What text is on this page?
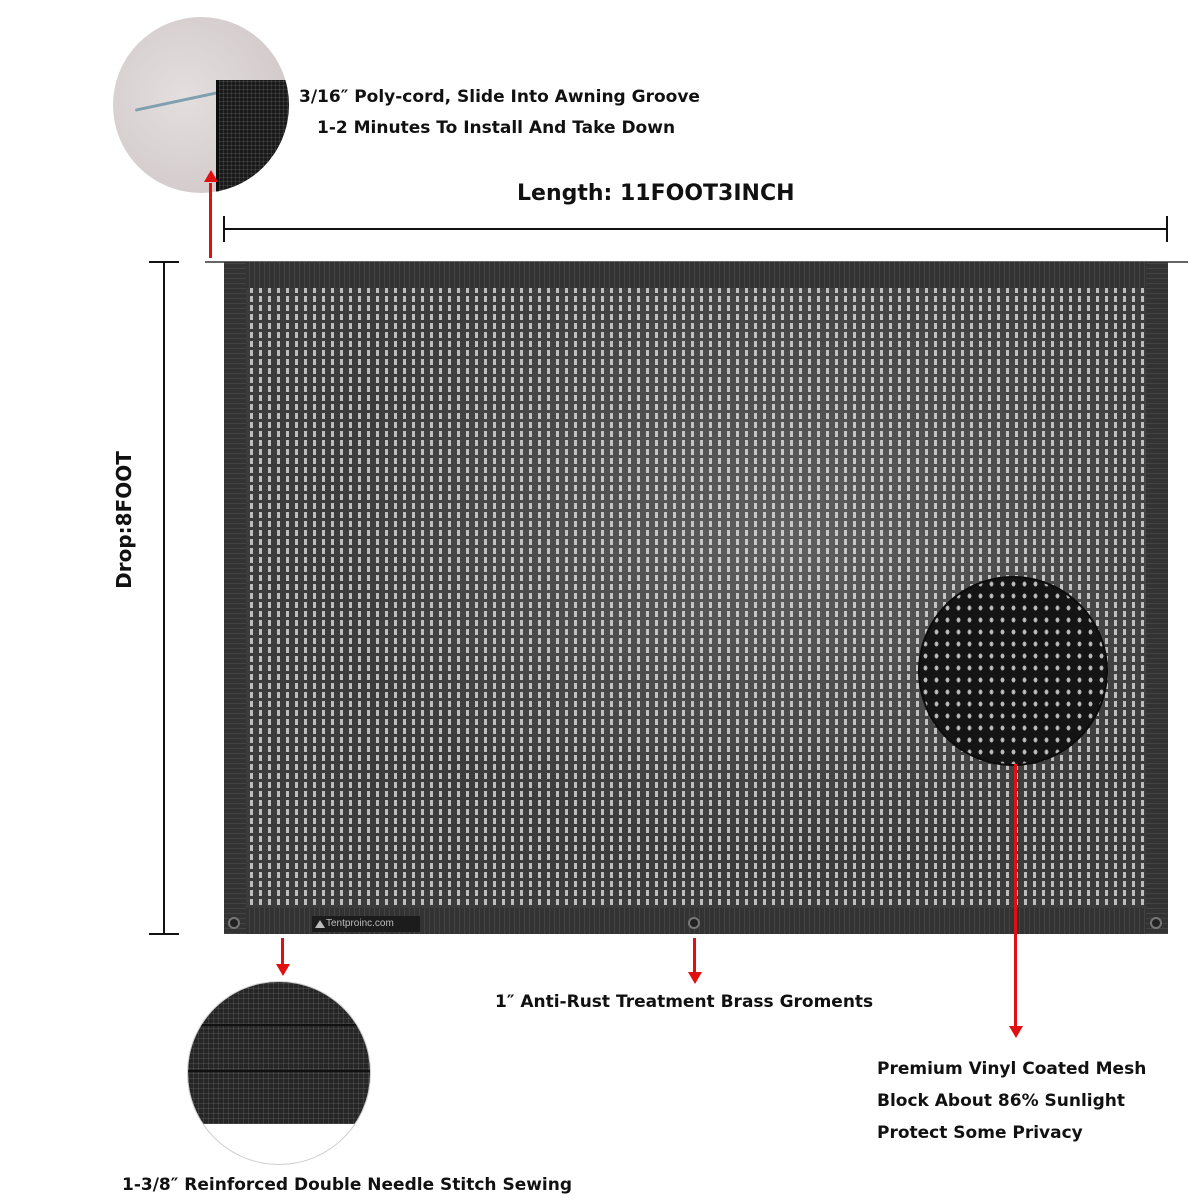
3/16″ Poly-cord, Slide Into Awning Groove
1-2 Minutes To Install And Take Down
Length: 11FOOT3INCH
Drop:8FOOT
Tentproinc.com
1″ Anti-Rust Treatment Brass Groments
Premium Vinyl Coated Mesh
Block About 86% Sunlight
Protect Some Privacy
1-3/8″ Reinforced Double Needle Stitch Sewing
